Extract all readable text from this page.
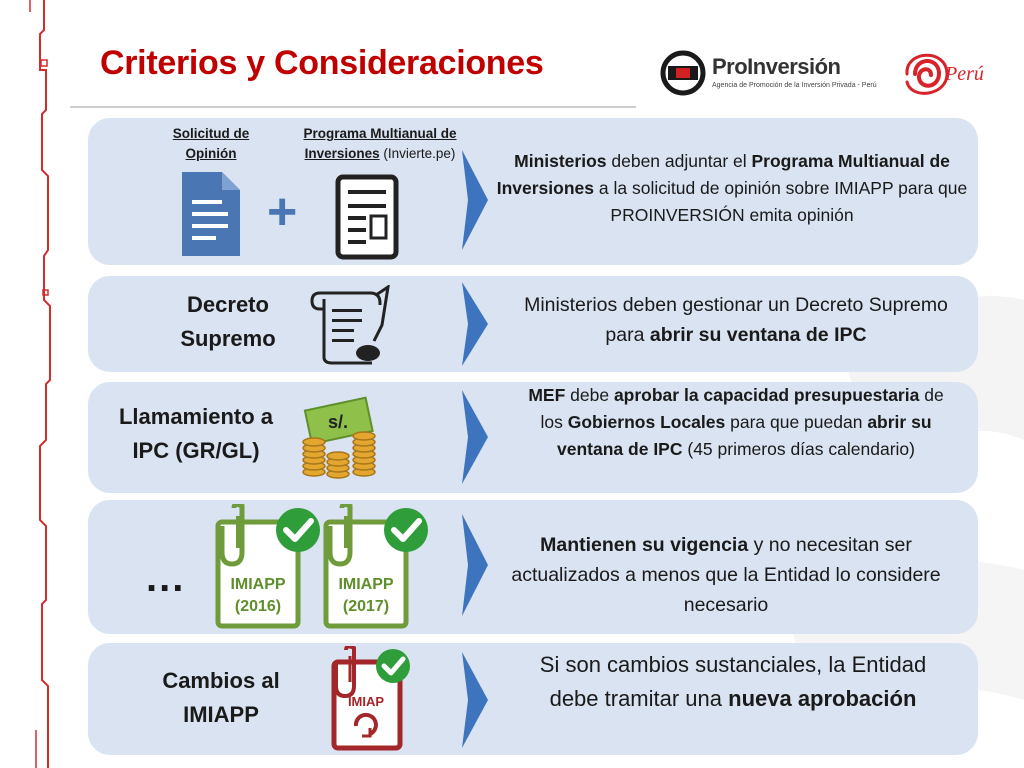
Criterios y Consideraciones	ProInversión
Agencia de Promoción de la Inversión Privada - Perú
Perú
Solicitud de Opinión
Programa Multianual de Inversiones (Invierte.pe)
+
Ministerios deben adjuntar el Programa Multianual de Inversiones a la solicitud de opinión sobre IMIAPP para que PROINVERSIÓN emita opinión
Decreto Supremo
Ministerios deben gestionar un Decreto Supremo para abrir su ventana de IPC
Llamamiento a IPC (GR/GL)
s/.
MEF debe aprobar la capacidad presupuestaria de los Gobiernos Locales para que puedan abrir su ventana de IPC (45 primeros días calendario)
...	IMIAPP
(2016)
IMIAPP
(2017)
Mantienen su vigencia y no necesitan ser actualizados a menos que la Entidad lo considere necesario
Cambios al IMIAPP
IMIAP
Si son cambios sustanciales, la Entidad debe tramitar una nueva aprobación
